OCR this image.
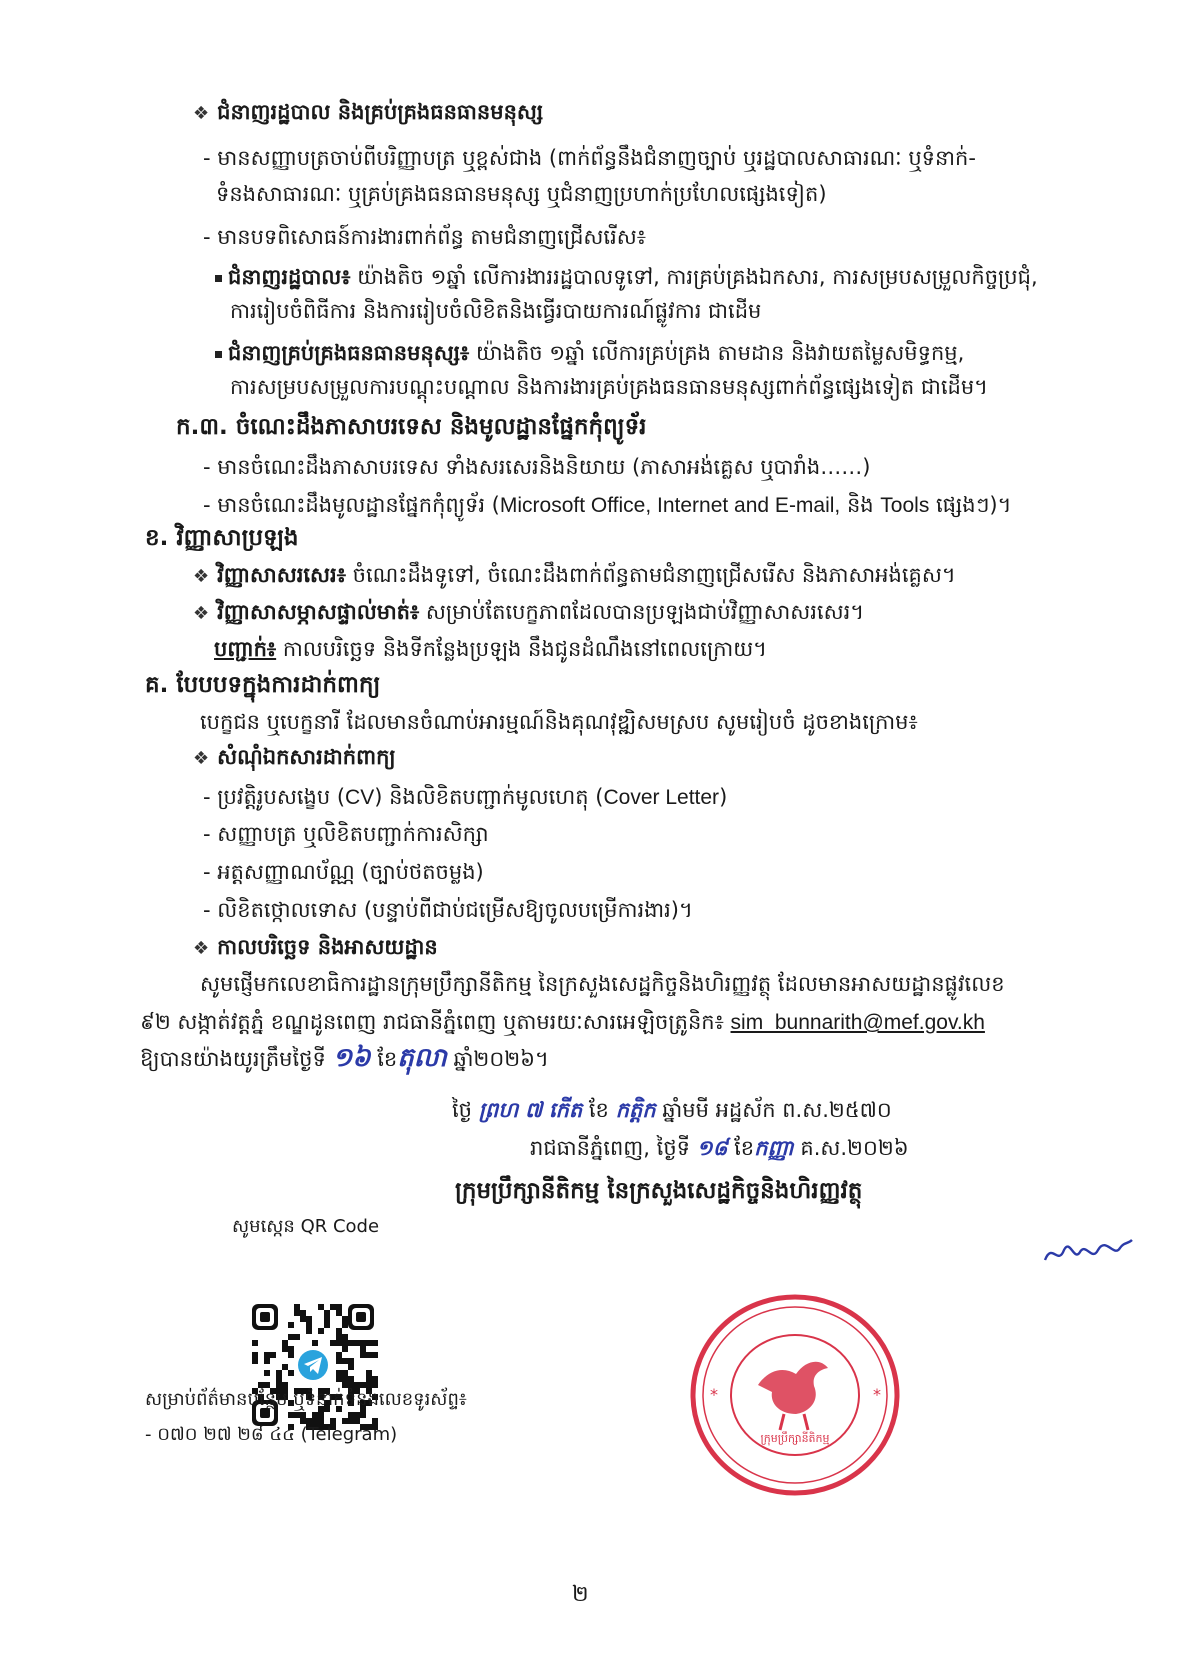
❖ ជំនាញរដ្ឋបាល និងគ្រប់គ្រងធនធានមនុស្ស
- មានសញ្ញាបត្រចាប់ពីបរិញ្ញាបត្រ ឬខ្ពស់ជាង (ពាក់ព័ន្ធនឹងជំនាញច្បាប់ ឬរដ្ឋបាលសាធារណៈ ឬទំនាក់-
ទំនងសាធារណៈ ឬគ្រប់គ្រងធនធានមនុស្ស ឬជំនាញប្រហាក់ប្រហែលផ្សេងទៀត)
- មានបទពិសោធន៍ការងារពាក់ព័ន្ធ តាមជំនាញជ្រើសរើស៖
ជំនាញរដ្ឋបាល៖ យ៉ាងតិច ១ឆ្នាំ លើការងាររដ្ឋបាលទូទៅ, ការគ្រប់គ្រងឯកសារ, ការសម្របសម្រួលកិច្ចប្រជុំ,
ការរៀបចំពិធីការ និងការរៀបចំលិខិតនិងធ្វើរបាយការណ៍ផ្លូវការ ជាដើម
ជំនាញគ្រប់គ្រងធនធានមនុស្ស៖ យ៉ាងតិច ១ឆ្នាំ លើការគ្រប់គ្រង តាមដាន និងវាយតម្លៃសមិទ្ធកម្ម,
ការសម្របសម្រួលការបណ្តុះបណ្តាល និងការងារគ្រប់គ្រងធនធានមនុស្សពាក់ព័ន្ធផ្សេងទៀត ជាដើម។
ក.៣. ចំណេះដឹងភាសាបរទេស និងមូលដ្ឋានផ្នែកកុំព្យូទ័រ
- មានចំណេះដឹងភាសាបរទេស ទាំងសរសេរនិងនិយាយ (ភាសាអង់គ្លេស ឬបារាំង……)
- មានចំណេះដឹងមូលដ្ឋានផ្នែកកុំព្យូទ័រ (Microsoft Office, Internet and E-mail, និង Tools ផ្សេងៗ)។
ខ. វិញ្ញាសាប្រឡង
❖ វិញ្ញាសាសរសេរ៖ ចំណេះដឹងទូទៅ, ចំណេះដឹងពាក់ព័ន្ធតាមជំនាញជ្រើសរើស និងភាសាអង់គ្លេស។
❖ វិញ្ញាសាសម្ភាសផ្ទាល់មាត់៖ សម្រាប់តែបេក្ខភាពដែលបានប្រឡងជាប់វិញ្ញាសាសរសេរ។
បញ្ជាក់៖ កាលបរិច្ឆេទ និងទីកន្លែងប្រឡង នឹងជូនដំណឹងនៅពេលក្រោយ។
គ. បែបបទក្នុងការដាក់ពាក្យ
បេក្ខជន ឬបេក្ខនារី ដែលមានចំណាប់អារម្មណ៍និងគុណវុឌ្ឍិសមស្រប សូមរៀបចំ ដូចខាងក្រោម៖
❖ សំណុំឯកសារដាក់ពាក្យ
- ប្រវត្តិរូបសង្ខេប (CV) និងលិខិតបញ្ជាក់មូលហេតុ (Cover Letter)
- សញ្ញាបត្រ ឬលិខិតបញ្ជាក់ការសិក្សា
- អត្តសញ្ញាណប័ណ្ណ (ច្បាប់ថតចម្លង)
- លិខិតថ្កោលទោស (បន្ទាប់ពីជាប់ជម្រើសឱ្យចូលបម្រើការងារ)។
❖ កាលបរិច្ឆេទ និងអាសយដ្ឋាន
សូមផ្ញើមកលេខាធិការដ្ឋានក្រុមប្រឹក្សានីតិកម្ម នៃក្រសួងសេដ្ឋកិច្ចនិងហិរញ្ញវត្ថុ ដែលមានអាសយដ្ឋានផ្លូវលេខ
៩២ សង្កាត់វត្តភ្នំ ខណ្ឌដូនពេញ រាជធានីភ្នំពេញ ឬតាមរយៈសារអេឡិចត្រូនិក៖ sim_bunnarith@mef.gov.kh
ឱ្យបានយ៉ាងយូរត្រឹមថ្ងៃទី ១៦ ខែតុលា ឆ្នាំ២០២៦។
ថ្ងៃ ព្រហ ៧ កើត ខែ កត្ដិក ឆ្នាំមមី អដ្ឋស័ក ព.ស.២៥៧០
រាជធានីភ្នំពេញ, ថ្ងៃទី ១៨ ខែកញ្ញា គ.ស.២០២៦
ក្រុមប្រឹក្សានីតិកម្ម នៃក្រសួងសេដ្ឋកិច្ចនិងហិរញ្ញវត្ថុ
សូមស្កេន QR Code
សម្រាប់ព័ត៌មានបន្ថែម ឬទំនាក់ទំនងលេខទូរស័ព្ទ៖
- ០៧០ ២៧ ២៨ ៤៤ (Telegram)
*	*
ក្រុមប្រឹក្សានីតិកម្ម
២
